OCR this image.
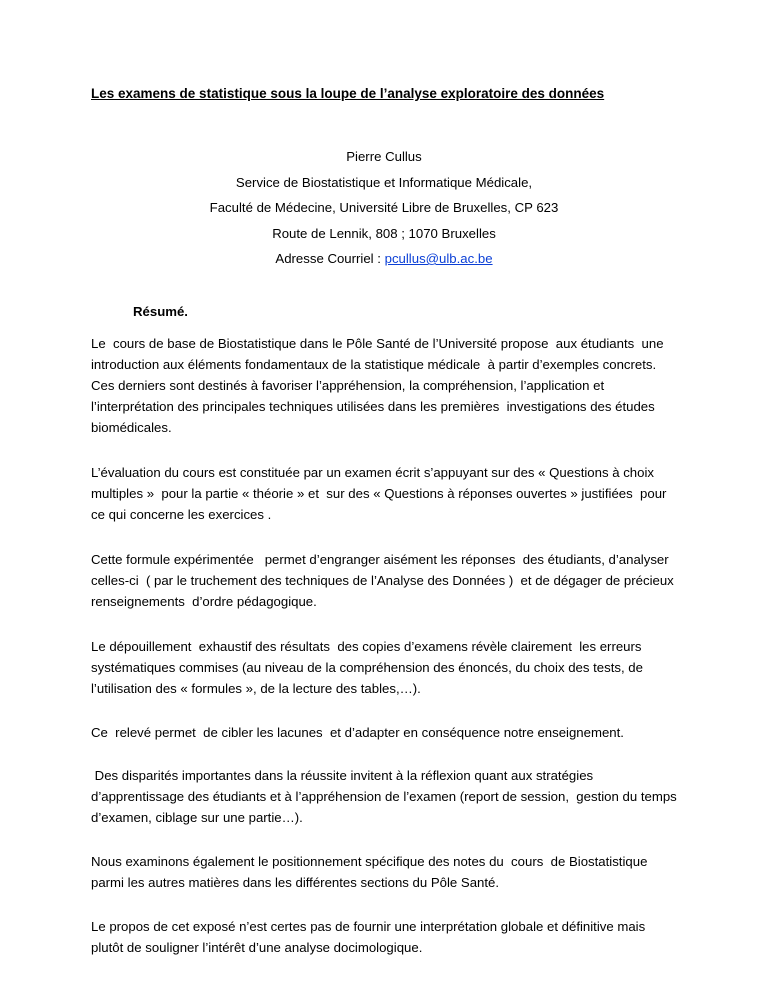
Les examens de statistique sous la loupe de l’analyse exploratoire des données
Pierre Cullus
Service de Biostatistique et Informatique Médicale,
Faculté de Médecine, Université Libre de Bruxelles, CP 623
Route de Lennik, 808 ; 1070 Bruxelles
Adresse Courriel : pcullus@ulb.ac.be
Résumé.
Le  cours de base de Biostatistique dans le Pôle Santé de l’Université propose  aux étudiants  une
introduction aux éléments fondamentaux de la statistique médicale  à partir d’exemples concrets.
Ces derniers sont destinés à favoriser l’appréhension, la compréhension, l’application et
l’interprétation des principales techniques utilisées dans les premières  investigations des études
biomédicales.
L’évaluation du cours est constituée par un examen écrit s’appuyant sur des « Questions à choix
multiples »  pour la partie « théorie » et  sur des « Questions à réponses ouvertes » justifiées  pour
ce qui concerne les exercices .
Cette formule expérimentée   permet d’engranger aisément les réponses  des étudiants, d’analyser
celles-ci  ( par le truchement des techniques de l’Analyse des Données )  et de dégager de précieux
renseignements  d’ordre pédagogique.
Le dépouillement  exhaustif des résultats  des copies d’examens révèle clairement  les erreurs
systématiques commises (au niveau de la compréhension des énoncés, du choix des tests, de
l’utilisation des « formules », de la lecture des tables,…).
Ce  relevé permet  de cibler les lacunes  et d’adapter en conséquence notre enseignement.
Des disparités importantes dans la réussite invitent à la réflexion quant aux stratégies
d’apprentissage des étudiants et à l’appréhension de l’examen (report de session,  gestion du temps
d’examen, ciblage sur une partie…).
Nous examinons également le positionnement spécifique des notes du  cours  de Biostatistique
parmi les autres matières dans les différentes sections du Pôle Santé.
Le propos de cet exposé n’est certes pas de fournir une interprétation globale et définitive mais
plutôt de souligner l’intérêt d’une analyse docimologique.
